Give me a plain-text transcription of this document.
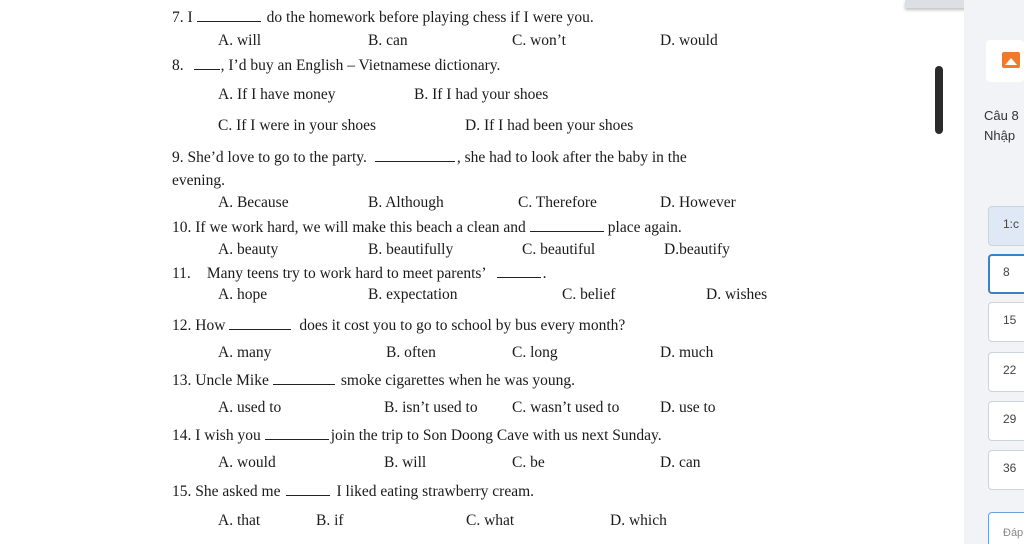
7. I	do the homework before playing chess if I were you.
A. will	B. can	C. won’t	D. would
8. , I’d buy an English – Vietnamese dictionary.
A. If I have money	B. If I had your shoes
C. If I were in your shoes	D. If I had been your shoes
9. She’d love to go to the party.	, she had to look after the baby in the
evening.
A. Because	B. Although	C. Therefore	D. However
10. If we work hard, we will make this beach a clean and	place again.
A. beauty	B. beautifully	C. beautiful	D.beautify
11. Many teens try to work hard to meet parents’	.
A. hope	B. expectation	C. belief	D. wishes
12. How	does it cost you to go to school by bus every month?
A. many	B. often	C. long	D. much
13. Uncle Mike	smoke cigarettes when he was young.
A. used to	B. isn’t used to C. wasn’t used to	D. use to
14. I wish you	join the trip to Son Doong Cave with us next Sunday.
A. would	B. will	C. be	D. can
15. She asked me	I liked eating strawberry cream.
A. that	B. if	C. what	D. which
Câu 8
Nhập
1:c
8
15
22
29
36
Đáp
